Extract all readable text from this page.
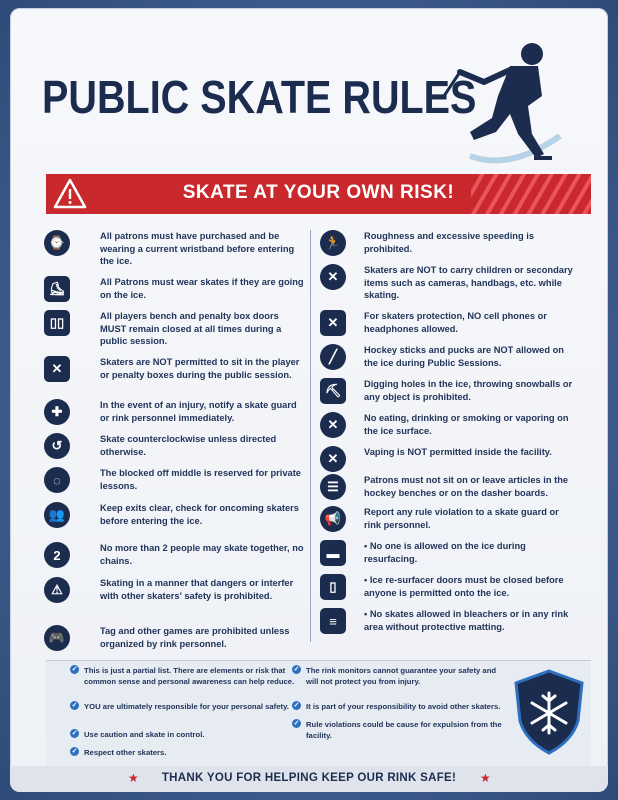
PUBLIC SKATE RULES
SKATE AT YOUR OWN RISK!
⌚	All patrons must have purchased and be wearing a current wristband before entering the ice.
⛸	All Patrons must wear skates if they are going on the ice.
▯▯	All players bench and penalty box doors MUST remain closed at all times during a public session.
✕	Skaters are NOT permitted to sit in the player or penalty boxes during the public session.
✚	In the event of an injury, notify a skate guard or rink personnel immediately.
↺	Skate counterclockwise unless directed otherwise.
◌	The blocked off middle is reserved for private lessons.
👥	Keep exits clear, check for oncoming skaters before entering the ice.
2	No more than 2 people may skate together, no chains.
⚠	Skating in a manner that dangers or interfer with other skaters' safety is prohibited.
🎮	Tag and other games are prohibited unless organized by rink personnel.
🏃	Roughness and excessive speeding is prohibited.
✕	Skaters are NOT to carry children or secondary items such as cameras, handbags, etc. while skating.
✕	For skaters protection, NO cell phones or headphones allowed.
╱	Hockey sticks and pucks are NOT allowed on the ice during Public Sessions.
⛏	Digging holes in the ice, throwing snowballs or any object is prohibited.
✕	No eating, drinking or smoking or vaporing on the ice surface.
✕	Vaping is NOT permitted inside the facility.
☰	Patrons must not sit on or leave articles in the hockey benches or on the dasher boards.
📢	Report any rule violation to a skate guard or rink personnel.
▬	• No one is allowed on the ice during resurfacing.
▯	• Ice re-surfacer doors must be closed before anyone is permitted onto the ice.
≡	• No skates allowed in bleachers or in any rink area without protective matting.
✓ This is just a partial list. There are elements or risk that common sense and personal awareness can help reduce.
✓ YOU are ultimately responsible for your personal safety.
✓ Use caution and skate in control.
✓ Respect other skaters.
✓ The rink monitors cannot guarantee your safety and will not protect you from injury.
✓ It is part of your responsibility to avoid other skaters.
✓ Rule violations could be cause for expulsion from the facility.
★	THANK YOU FOR HELPING KEEP OUR RINK SAFE!	★
